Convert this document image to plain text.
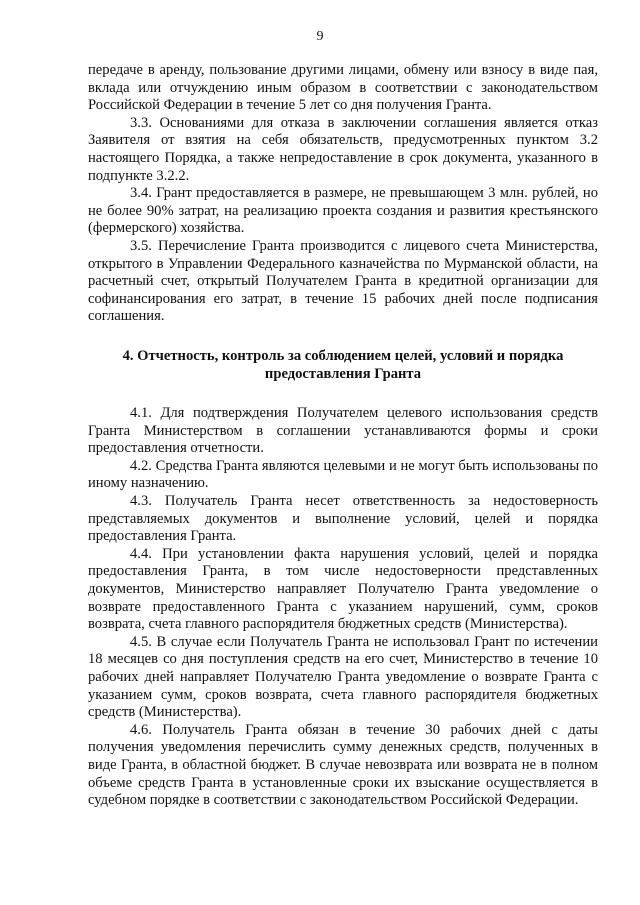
9

передаче в аренду, пользование другими лицами, обмену или взносу в виде пая, вклада или отчуждению иным образом в соответствии с законодательством Российской Федерации в течение 5 лет со дня получения Гранта.

3.3. Основаниями для отказа в заключении соглашения является отказ Заявителя от взятия на себя обязательств, предусмотренных пунктом 3.2 настоящего Порядка, а также непредоставление в срок документа, указанного в подпункте 3.2.2.

3.4. Грант предоставляется в размере, не превышающем 3 млн. рублей, но не более 90% затрат, на реализацию проекта создания и развития крестьянского (фермерского) хозяйства.

3.5. Перечисление Гранта производится с лицевого счета Министерства, открытого в Управлении Федерального казначейства по Мурманской области, на расчетный счет, открытый Получателем Гранта в кредитной организации для софинансирования его затрат, в течение 15 рабочих дней после подписания соглашения.

4. Отчетность, контроль за соблюдением целей, условий и порядка
предоставления Гранта

4.1. Для подтверждения Получателем целевого использования средств Гранта Министерством в соглашении устанавливаются формы и сроки предоставления отчетности.

4.2. Средства Гранта являются целевыми и не могут быть использованы по иному назначению.

4.3. Получатель Гранта несет ответственность за недостоверность представляемых документов и выполнение условий, целей и порядка предоставления Гранта.

4.4. При установлении факта нарушения условий, целей и порядка предоставления Гранта, в том числе недостоверности представленных документов, Министерство направляет Получателю Гранта уведомление о возврате предоставленного Гранта с указанием нарушений, сумм, сроков возврата, счета главного распорядителя бюджетных средств (Министерства).

4.5. В случае если Получатель Гранта не использовал Грант по истечении 18 месяцев со дня поступления средств на его счет, Министерство в течение 10 рабочих дней направляет Получателю Гранта уведомление о возврате Гранта с указанием сумм, сроков возврата, счета главного распорядителя бюджетных средств (Министерства).

4.6. Получатель Гранта обязан в течение 30 рабочих дней с даты получения уведомления перечислить сумму денежных средств, полученных в виде Гранта, в областной бюджет. В случае невозврата или возврата не в полном объеме средств Гранта в установленные сроки их взыскание осуществляется в судебном порядке в соответствии с законодательством Российской Федерации.
